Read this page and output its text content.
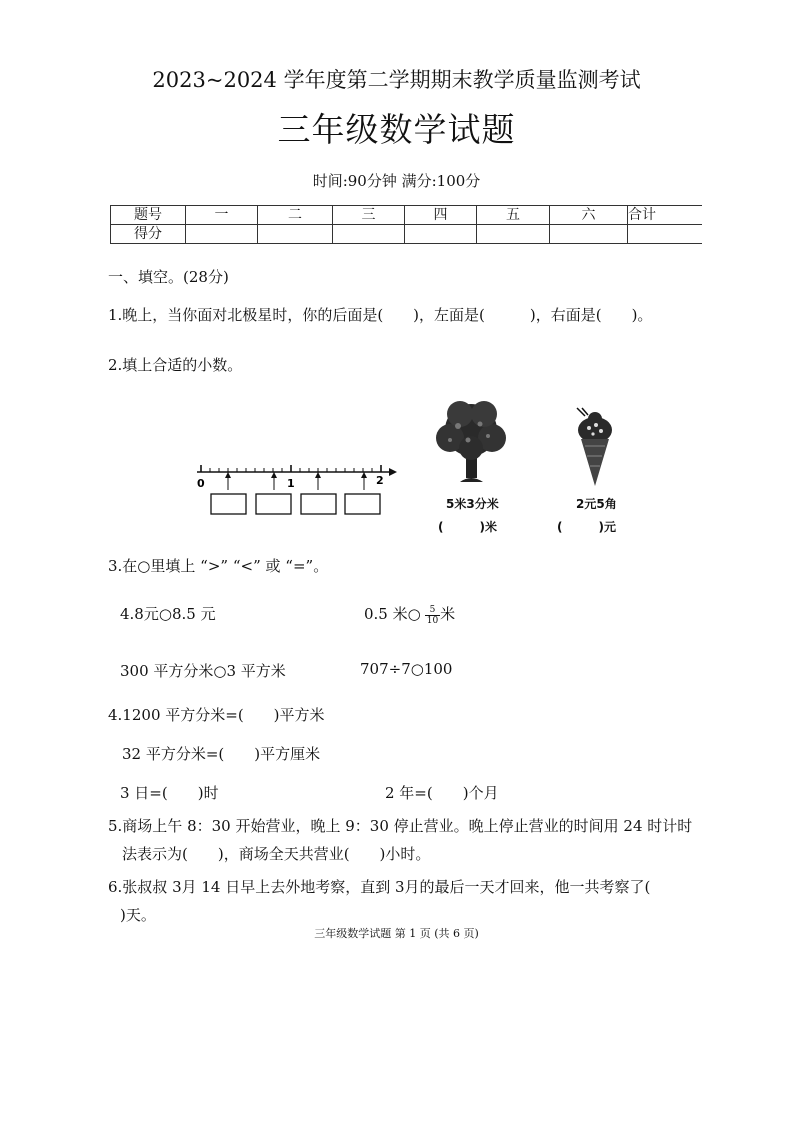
2023~2024 学年度第二学期期末教学质量监测考试
三年级数学试题
时间:90分钟 满分:100分
题号	一	二	三	四	五	六	合计
得分							
一、填空。(28分)
1.晚上，当你面对北极星时，你的后面是(　　)，左面是(　　　)，右面是(　　)。
2.填上合适的小数。
0	1	2
5米3分米
(　　　)米
2元5角
(　　　)元
3.在○里填上 “>” “<” 或 “=”。
4.8元○8.5 元	0.5 米○ $\frac{5}{10}$ 米
300 平方分米○3 平方米	707÷7○100
4.1200 平方分米=(　　)平方米
32 平方分米=(　　)平方厘米
3 日=(　　)时	2 年=(　　)个月
5.商场上午 8：30 开始营业，晚上 9：30 停止营业。晚上停止营业的时间用 24 时计时
法表示为(　　)，商场全天共营业(　　)小时。
6.张叔叔 3月 14 日早上去外地考察，直到 3月的最后一天才回来，他一共考察了(
)天。
三年级数学试题 第 1 页 (共 6 页)
